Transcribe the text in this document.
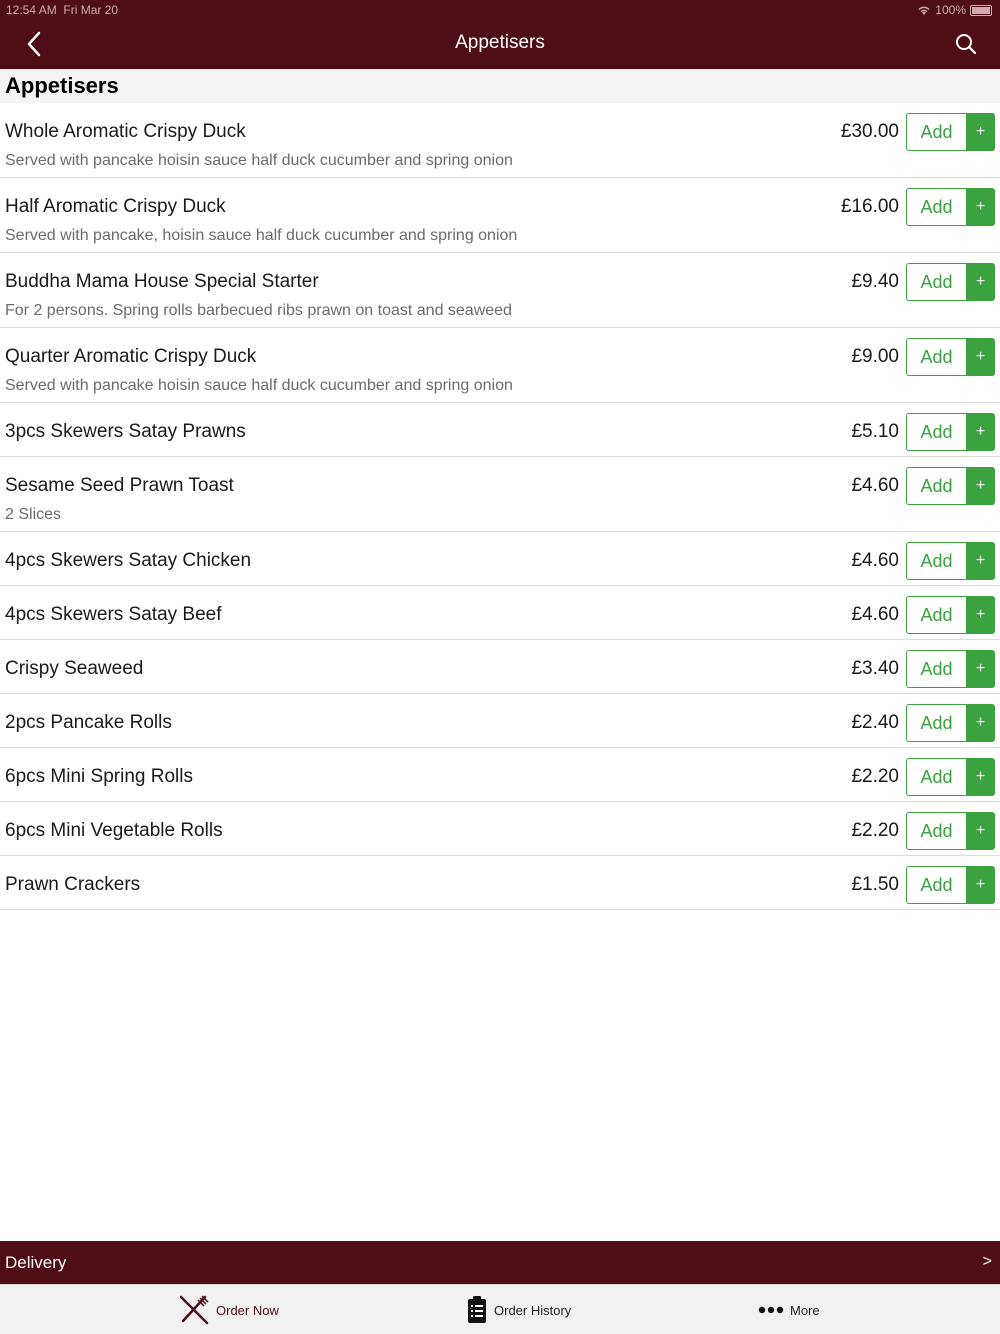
12:54 AM Fri Mar 20	100%
Appetisers
Appetisers
Whole Aromatic Crispy Duck
Served with pancake hoisin sauce half duck cucumber and spring onion
£30.00	Add	+
Half Aromatic Crispy Duck
Served with pancake, hoisin sauce half duck cucumber and spring onion
£16.00	Add	+
Buddha Mama House Special Starter
For 2 persons. Spring rolls barbecued ribs prawn on toast and seaweed
£9.40	Add	+
Quarter Aromatic Crispy Duck
Served with pancake hoisin sauce half duck cucumber and spring onion
£9.00	Add	+
3pcs Skewers Satay Prawns	£5.10	Add	+
Sesame Seed Prawn Toast
2 Slices
£4.60	Add	+
4pcs Skewers Satay Chicken	£4.60	Add	+
4pcs Skewers Satay Beef	£4.60	Add	+
Crispy Seaweed	£3.40	Add	+
2pcs Pancake Rolls	£2.40	Add	+
6pcs Mini Spring Rolls	£2.20	Add	+
6pcs Mini Vegetable Rolls	£2.20	Add	+
Prawn Crackers	£1.50	Add	+
Delivery	>
Order Now	Order History	More
